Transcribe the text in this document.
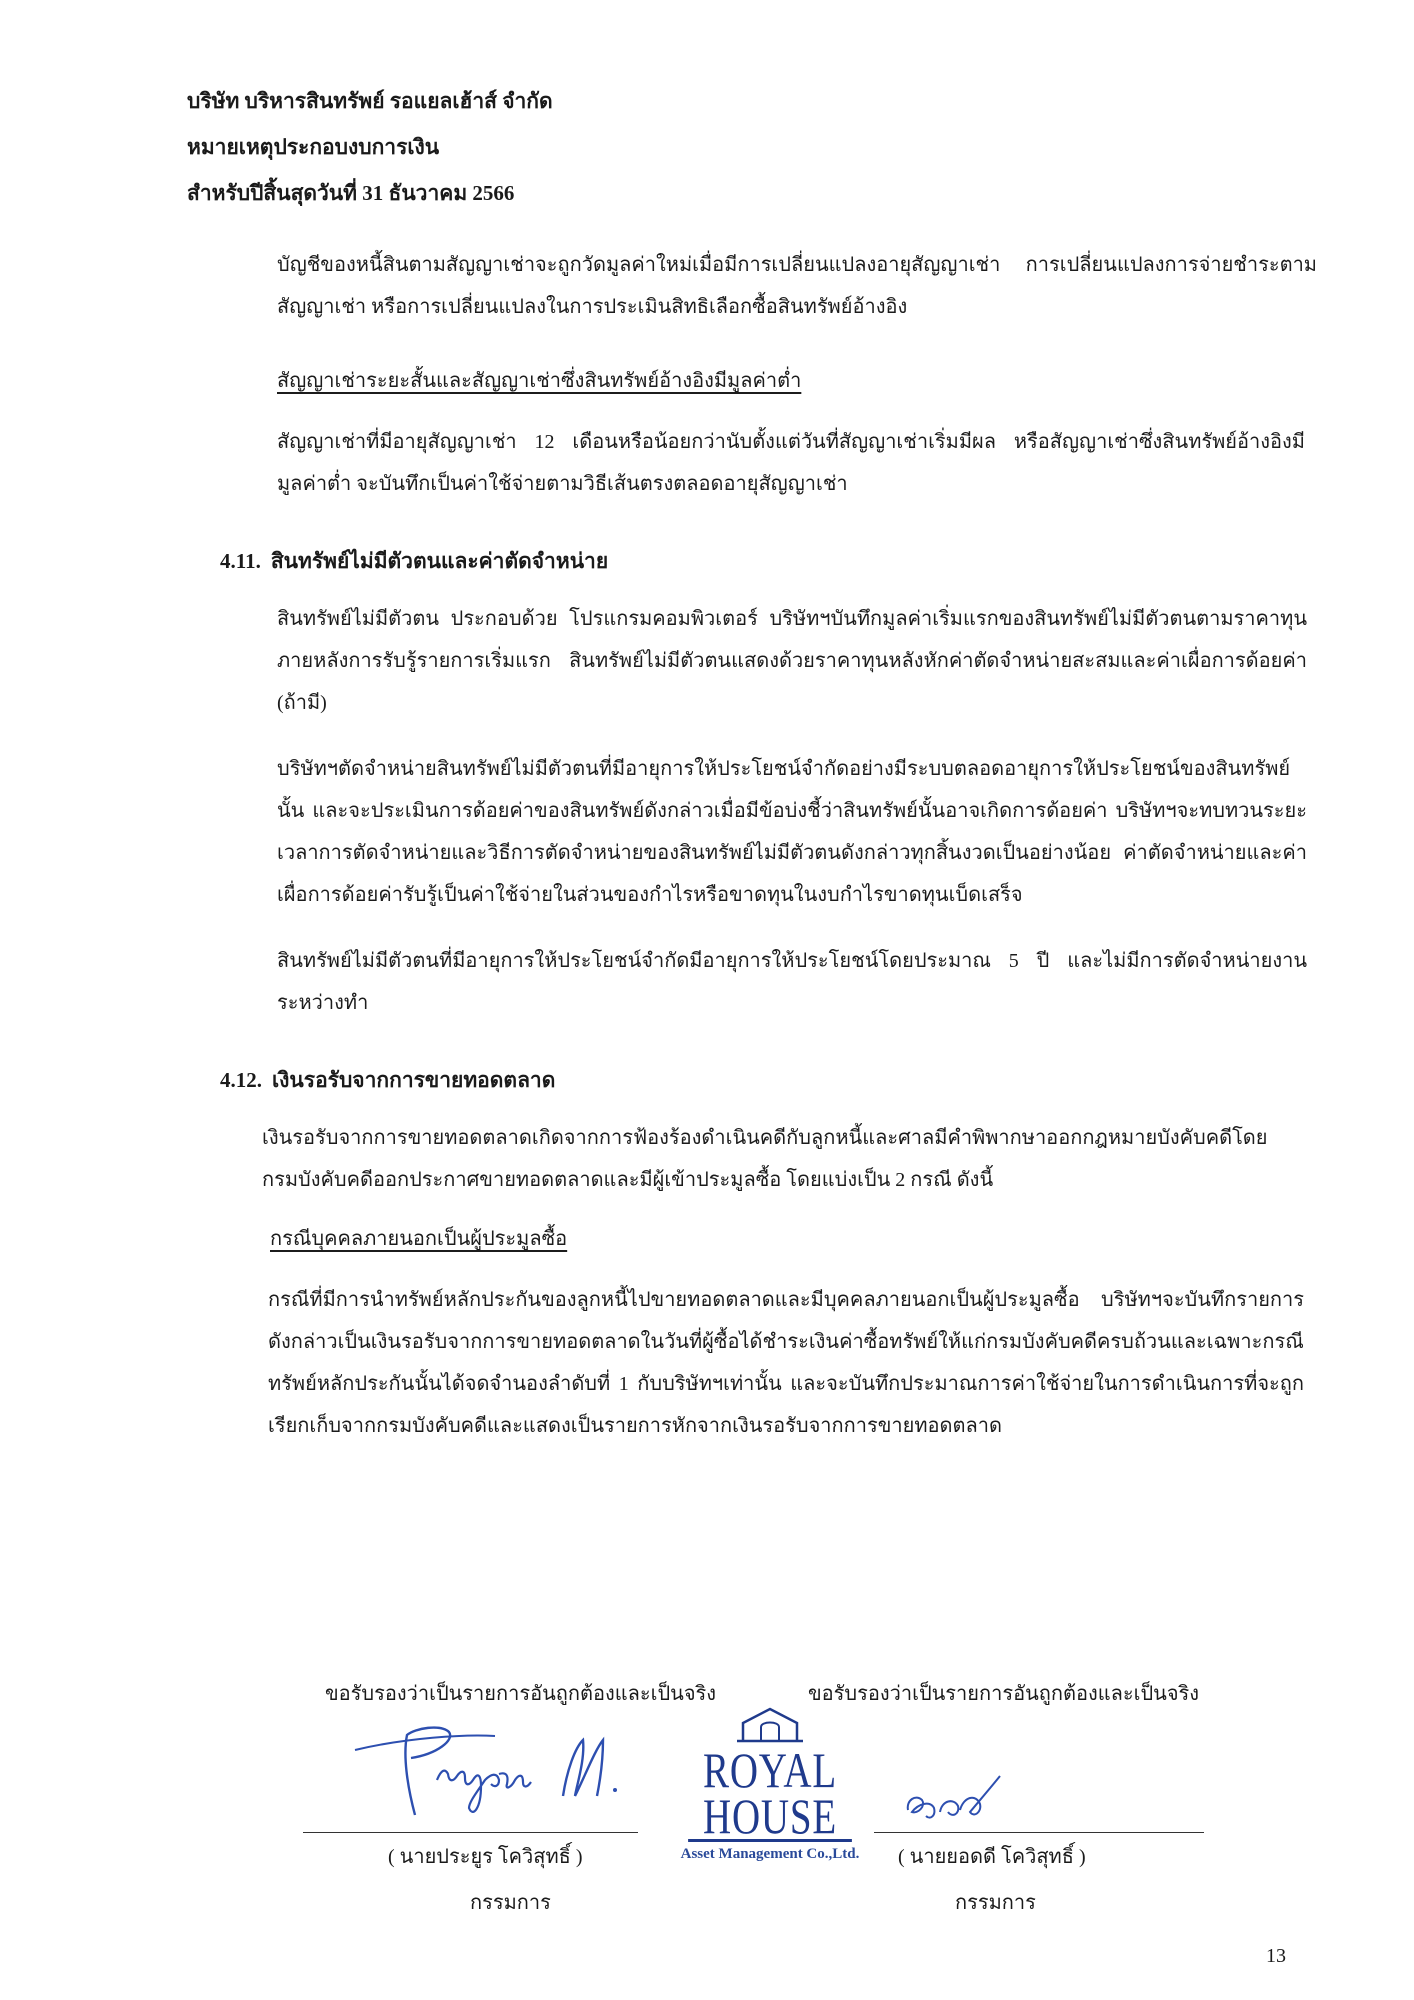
บริษัท บริหารสินทรัพย์ รอแยลเฮ้าส์ จำกัด
หมายเหตุประกอบงบการเงิน
สำหรับปีสิ้นสุดวันที่ 31 ธันวาคม 2566
บัญชีของหนี้สินตามสัญญาเช่าจะถูกวัดมูลค่าใหม่เมื่อมีการเปลี่ยนแปลงอายุสัญญาเช่า การเปลี่ยนแปลงการจ่ายชำระตามสัญญาเช่า หรือการเปลี่ยนแปลงในการประเมินสิทธิเลือกซื้อสินทรัพย์อ้างอิง
สัญญาเช่าระยะสั้นและสัญญาเช่าซึ่งสินทรัพย์อ้างอิงมีมูลค่าต่ำ
สัญญาเช่าที่มีอายุสัญญาเช่า 12 เดือนหรือน้อยกว่านับตั้งแต่วันที่สัญญาเช่าเริ่มมีผล หรือสัญญาเช่าซึ่งสินทรัพย์อ้างอิงมีมูลค่าต่ำ จะบันทึกเป็นค่าใช้จ่ายตามวิธีเส้นตรงตลอดอายุสัญญาเช่า
4.11. สินทรัพย์ไม่มีตัวตนและค่าตัดจำหน่าย
สินทรัพย์ไม่มีตัวตน ประกอบด้วย โปรแกรมคอมพิวเตอร์ บริษัทฯบันทึกมูลค่าเริ่มแรกของสินทรัพย์ไม่มีตัวตนตามราคาทุน ภายหลังการรับรู้รายการเริ่มแรก สินทรัพย์ไม่มีตัวตนแสดงด้วยราคาทุนหลังหักค่าตัดจำหน่ายสะสมและค่าเผื่อการด้อยค่า (ถ้ามี)
บริษัทฯตัดจำหน่ายสินทรัพย์ไม่มีตัวตนที่มีอายุการให้ประโยชน์จำกัดอย่างมีระบบตลอดอายุการให้ประโยชน์ของสินทรัพย์นั้น และจะประเมินการด้อยค่าของสินทรัพย์ดังกล่าวเมื่อมีข้อบ่งชี้ว่าสินทรัพย์นั้นอาจเกิดการด้อยค่า บริษัทฯจะทบทวนระยะเวลาการตัดจำหน่ายและวิธีการตัดจำหน่ายของสินทรัพย์ไม่มีตัวตนดังกล่าวทุกสิ้นงวดเป็นอย่างน้อย ค่าตัดจำหน่ายและค่าเผื่อการด้อยค่ารับรู้เป็นค่าใช้จ่ายในส่วนของกำไรหรือขาดทุนในงบกำไรขาดทุนเบ็ดเสร็จ
สินทรัพย์ไม่มีตัวตนที่มีอายุการให้ประโยชน์จำกัดมีอายุการให้ประโยชน์โดยประมาณ 5 ปี และไม่มีการตัดจำหน่ายงานระหว่างทำ
4.12. เงินรอรับจากการขายทอดตลาด
เงินรอรับจากการขายทอดตลาดเกิดจากการฟ้องร้องดำเนินคดีกับลูกหนี้และศาลมีคำพิพากษาออกกฎหมายบังคับคดีโดยกรมบังคับคดีออกประกาศขายทอดตลาดและมีผู้เข้าประมูลซื้อ โดยแบ่งเป็น 2 กรณี ดังนี้
กรณีบุคคลภายนอกเป็นผู้ประมูลซื้อ
กรณีที่มีการนำทรัพย์หลักประกันของลูกหนี้ไปขายทอดตลาดและมีบุคคลภายนอกเป็นผู้ประมูลซื้อ บริษัทฯจะบันทึกรายการดังกล่าวเป็นเงินรอรับจากการขายทอดตลาดในวันที่ผู้ซื้อได้ชำระเงินค่าซื้อทรัพย์ให้แก่กรมบังคับคดีครบถ้วนและเฉพาะกรณีทรัพย์หลักประกันนั้นได้จดจำนองลำดับที่ 1 กับบริษัทฯเท่านั้น และจะบันทึกประมาณการค่าใช้จ่ายในการดำเนินการที่จะถูกเรียกเก็บจากกรมบังคับคดีและแสดงเป็นรายการหักจากเงินรอรับจากการขายทอดตลาด
ขอรับรองว่าเป็นรายการอันถูกต้องและเป็นจริง	ขอรับรองว่าเป็นรายการอันถูกต้องและเป็นจริง
ROYAL
HOUSE
Asset Management Co.,Ltd.
( นายประยูร โควิสุทธิ์ )
กรรมการ
( นายยอดดี โควิสุทธิ์ )
กรรมการ
13
